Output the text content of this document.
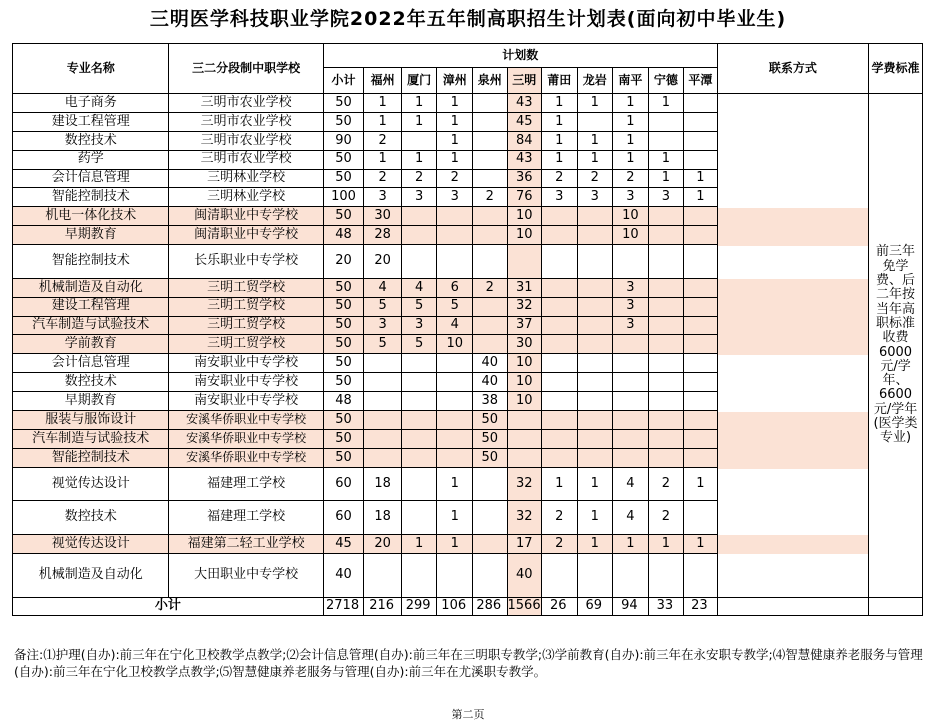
三明医学科技职业学院2022年五年制高职招生计划表(面向初中毕业生)
专业名称	三二分段制中职学校	计划数											联系方式	学费标准
		小计	福州	厦门	漳州	泉州	三明	莆田	龙岩	南平	宁德	平潭		
电子商务	三明市农业学校	50	1	1	1		43	1	1	1	1			前三年免学费、后二年按当年高职标准收费6000元/学年、6600元/学年(医学类专业)
建设工程管理	三明市农业学校	50	1	1	1		45	1		1				
数控技术	三明市农业学校	90	2		1		84	1	1	1				
药学	三明市农业学校	50	1	1	1		43	1	1	1	1			
会计信息管理	三明林业学校	50	2	2	2		36	2	2	2	1	1		
智能控制技术	三明林业学校	100	3	3	3	2	76	3	3	3	3	1		
机电一体化技术	闽清职业中专学校	50	30				10			10				
早期教育	闽清职业中专学校	48	28				10			10				
智能控制技术	长乐职业中专学校	20	20											
机械制造及自动化	三明工贸学校	50	4	4	6	2	31			3				
建设工程管理	三明工贸学校	50	5	5	5		32			3				
汽车制造与试验技术	三明工贸学校	50	3	3	4		37			3				
学前教育	三明工贸学校	50	5	5	10		30							
会计信息管理	南安职业中专学校	50				40	10							
数控技术	南安职业中专学校	50				40	10							
早期教育	南安职业中专学校	48				38	10							
服装与服饰设计	安溪华侨职业中专学校	50				50								
汽车制造与试验技术	安溪华侨职业中专学校	50				50								
智能控制技术	安溪华侨职业中专学校	50				50								
视觉传达设计	福建理工学校	60	18		1		32	1	1	4	2	1		
数控技术	福建理工学校	60	18		1		32	2	1	4	2			
视觉传达设计	福建第二轻工业学校	45	20	1	1		17	2	1	1	1	1		
机械制造及自动化	大田职业中专学校	40					40							
小计		2718	216	299	106	286	1566	26	69	94	33	23		
备注:⑴护理(自办):前三年在宁化卫校教学点教学;⑵会计信息管理(自办):前三年在三明职专教学;⑶学前教育(自办):前三年在永安职专教学;⑷智慧健康养老服务与管理(自办):前三年在宁化卫校教学点教学;⑸智慧健康养老服务与管理(自办):前三年在尤溪职专教学。
第二页
